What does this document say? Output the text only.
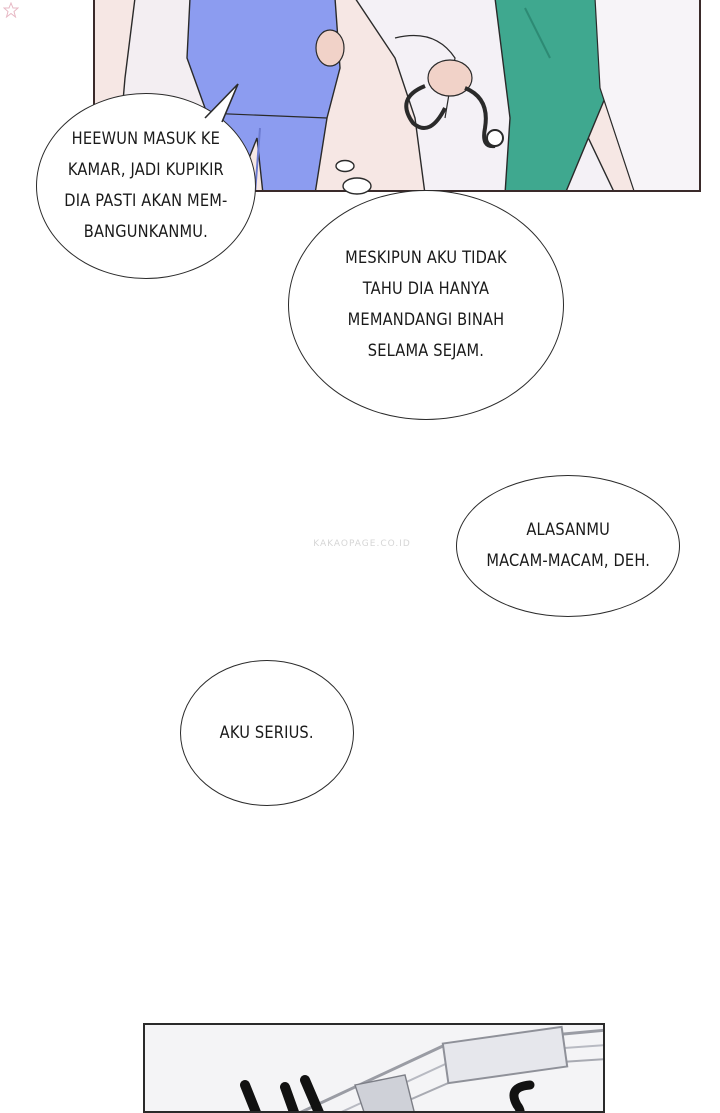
HEEWUN MASUK KE
KAMAR, JADI KUPIKIR
DIA PASTI AKAN MEM-
BANGUNKANMU.
MESKIPUN AKU TIDAK
TAHU DIA HANYA
MEMANDANGI BINAH
SELAMA SEJAM.
ALASANMU
MACAM-MACAM, DEH.
AKU SERIUS.
KAKAOPAGE.CO.ID
